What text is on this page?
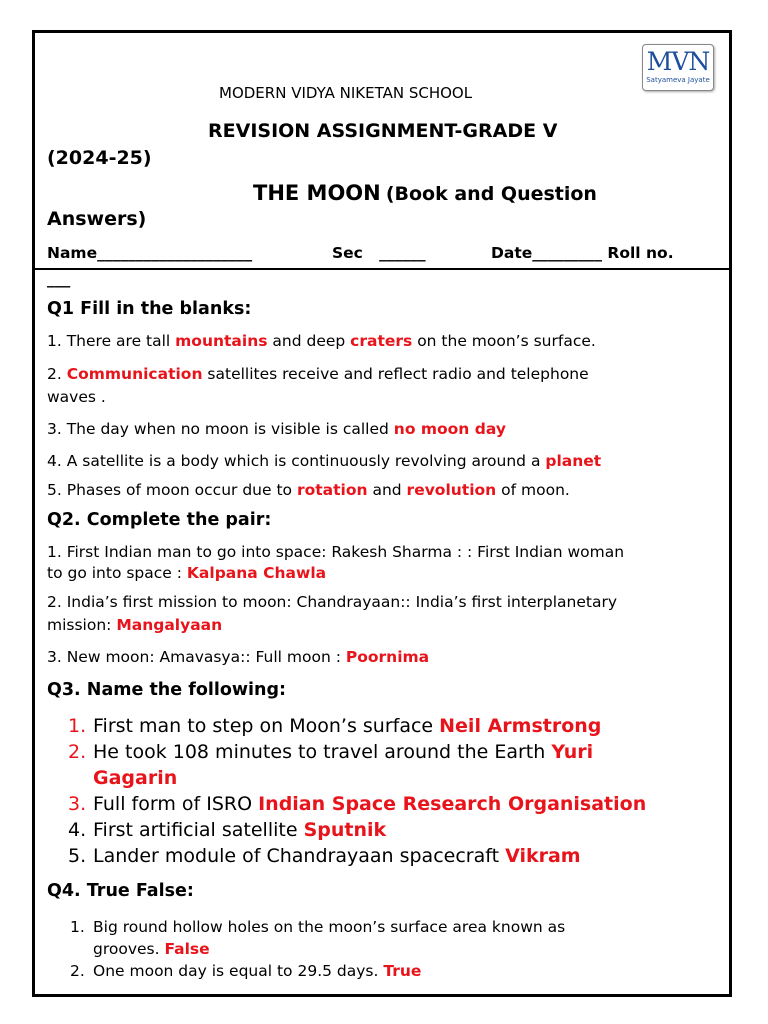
MVN
Satyameva Jayate
MODERN VIDYA NIKETAN SCHOOL
REVISION ASSIGNMENT-GRADE V
(2024-25)
THE MOON (Book and Question
Answers)
Name____________________	Sec ______	Date_________ Roll no.
___
Q1 Fill in the blanks:
1. There are tall mountains and deep craters on the moon’s surface.
2. Communication satellites receive and reflect radio and telephone
waves .
3. The day when no moon is visible is called no moon day
4. A satellite is a body which is continuously revolving around a planet
5. Phases of moon occur due to rotation and revolution of moon.
Q2. Complete the pair:
1. First Indian man to go into space: Rakesh Sharma : : First Indian woman
to go into space : Kalpana Chawla
2. India’s first mission to moon: Chandrayaan:: India’s first interplanetary
mission: Mangalyaan
3. New moon: Amavasya:: Full moon : Poornima
Q3. Name the following:
1. First man to step on Moon’s surface Neil Armstrong
2. He took 108 minutes to travel around the Earth Yuri
Gagarin
3. Full form of ISRO Indian Space Research Organisation
4. First artificial satellite Sputnik
5. Lander module of Chandrayaan spacecraft Vikram
Q4. True False:
1. Big round hollow holes on the moon’s surface area known as
grooves. False
2. One moon day is equal to 29.5 days. True
